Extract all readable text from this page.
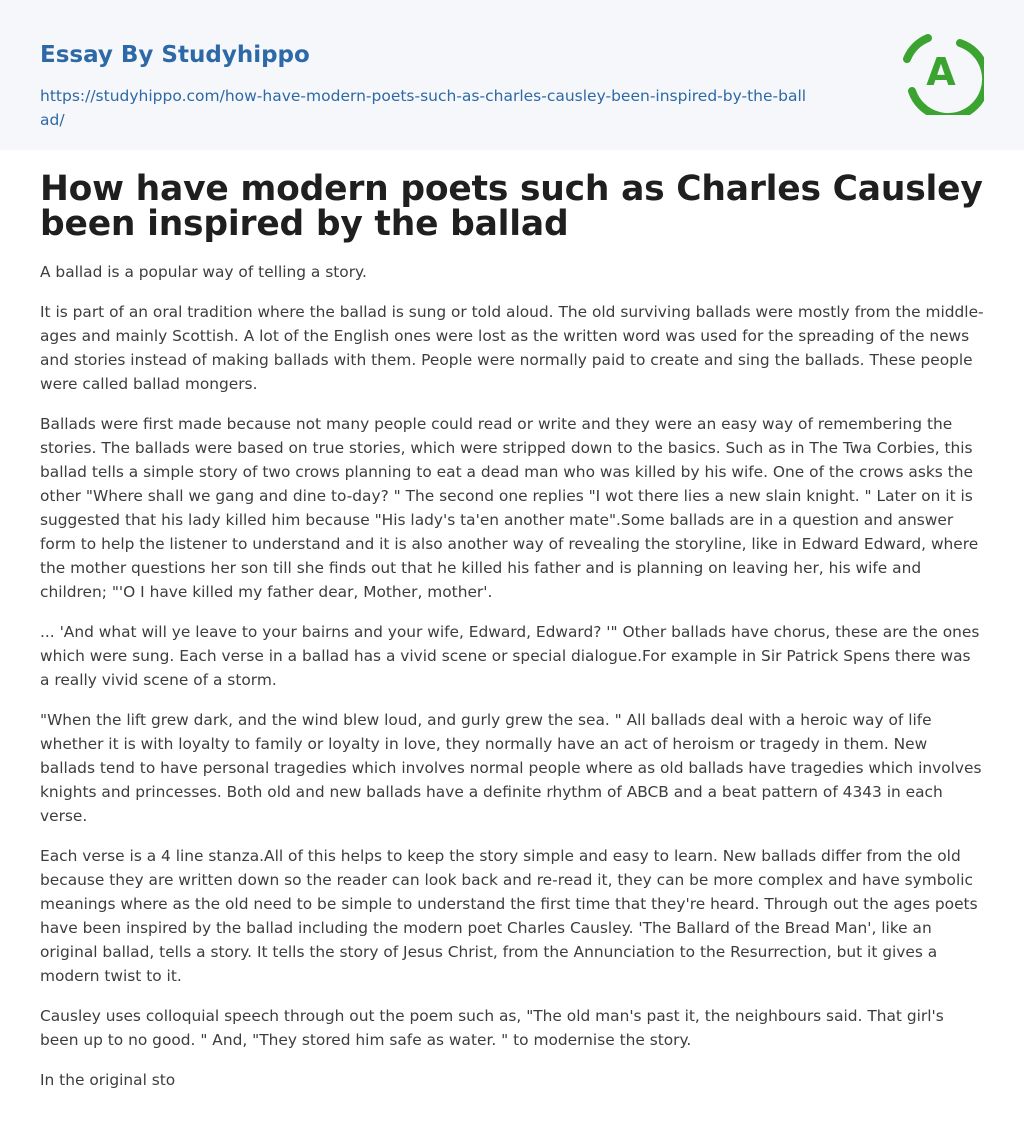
Essay By Studyhippo
https://studyhippo.com/how-have-modern-poets-such-as-charles-causley-been-inspired-by-the-ballad/
A
How have modern poets such as Charles Causley been inspired by the ballad

A ballad is a popular way of telling a story.

It is part of an oral tradition where the ballad is sung or told aloud. The old surviving ballads were mostly from the middle-ages and mainly Scottish. A lot of the English ones were lost as the written word was used for the spreading of the news and stories instead of making ballads with them. People were normally paid to create and sing the ballads. These people were called ballad mongers.

Ballads were first made because not many people could read or write and they were an easy way of remembering the stories. The ballads were based on true stories, which were stripped down to the basics. Such as in The Twa Corbies, this ballad tells a simple story of two crows planning to eat a dead man who was killed by his wife. One of the crows asks the other "Where shall we gang and dine to-day? " The second one replies "I wot there lies a new slain knight. " Later on it is suggested that his lady killed him because "His lady's ta'en another mate".Some ballads are in a question and answer form to help the listener to understand and it is also another way of revealing the storyline, like in Edward Edward, where the mother questions her son till she finds out that he killed his father and is planning on leaving her, his wife and children; "'O I have killed my father dear, Mother, mother'.

... 'And what will ye leave to your bairns and your wife, Edward, Edward? '" Other ballads have chorus, these are the ones which were sung. Each verse in a ballad has a vivid scene or special dialogue.For example in Sir Patrick Spens there was a really vivid scene of a storm.

"When the lift grew dark, and the wind blew loud, and gurly grew the sea. " All ballads deal with a heroic way of life whether it is with loyalty to family or loyalty in love, they normally have an act of heroism or tragedy in them. New ballads tend to have personal tragedies which involves normal people where as old ballads have tragedies which involves knights and princesses. Both old and new ballads have a definite rhythm of ABCB and a beat pattern of 4343 in each verse.

Each verse is a 4 line stanza.All of this helps to keep the story simple and easy to learn. New ballads differ from the old because they are written down so the reader can look back and re-read it, they can be more complex and have symbolic meanings where as the old need to be simple to understand the first time that they're heard. Through out the ages poets have been inspired by the ballad including the modern poet Charles Causley. 'The Ballard of the Bread Man', like an original ballad, tells a story. It tells the story of Jesus Christ, from the Annunciation to the Resurrection, but it gives a modern twist to it.

Causley uses colloquial speech through out the poem such as, "The old man's past it, the neighbours said. That girl's been up to no good. " And, "They stored him safe as water. " to modernise the story.

In the original sto
